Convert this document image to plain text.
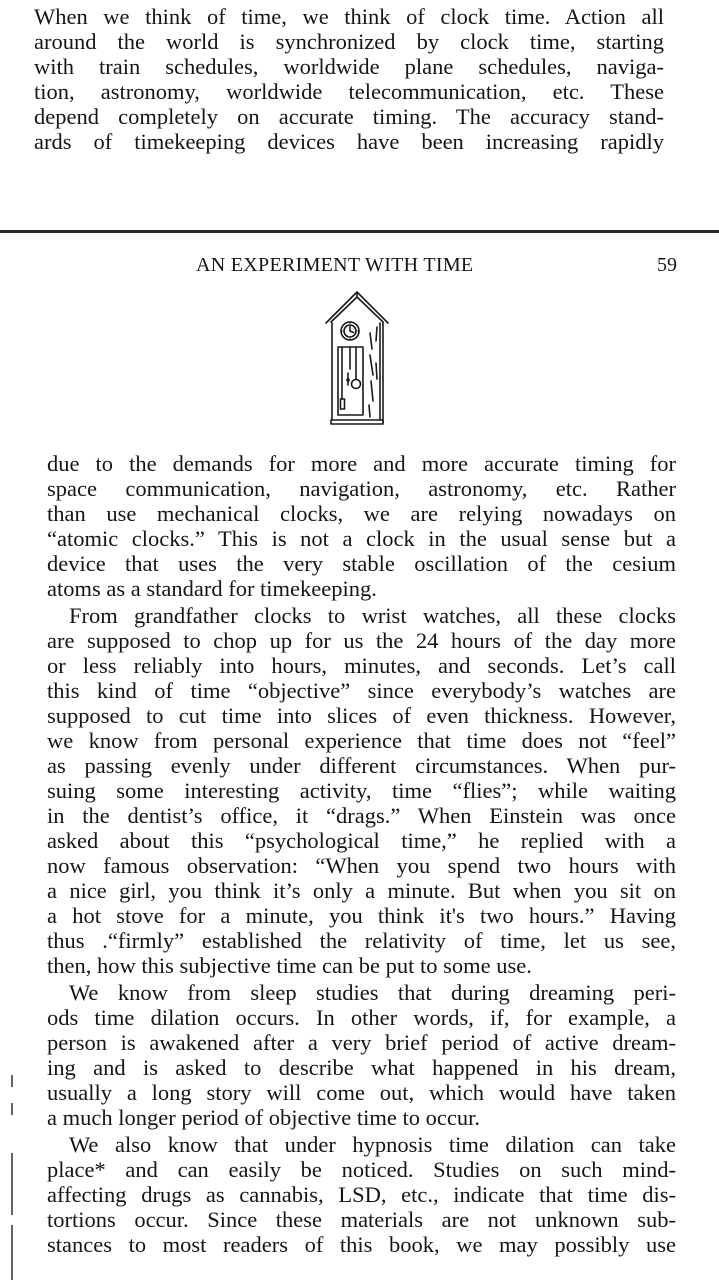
When we think of time, we think of clock time. Action all
around the world is synchronized by clock time, starting
with train schedules, worldwide plane schedules, naviga-
tion, astronomy, worldwide telecommunication, etc. These
depend completely on accurate timing. The accuracy stand-
ards of timekeeping devices have been increasing rapidly
AN EXPERIMENT WITH TIME	59
due to the demands for more and more accurate timing for
space communication, navigation, astronomy, etc. Rather
than use mechanical clocks, we are relying nowadays on
“atomic clocks.” This is not a clock in the usual sense but a
device that uses the very stable oscillation of the cesium
atoms as a standard for timekeeping.
From grandfather clocks to wrist watches, all these clocks
are supposed to chop up for us the 24 hours of the day more
or less reliably into hours, minutes, and seconds. Let’s call
this kind of time “objective” since everybody’s watches are
supposed to cut time into slices of even thickness. However,
we know from personal experience that time does not “feel”
as passing evenly under different circumstances. When pur-
suing some interesting activity, time “flies”; while waiting
in the dentist’s office, it “drags.” When Einstein was once
asked about this “psychological time,” he replied with a
now famous observation: “When you spend two hours with
a nice girl, you think it’s only a minute. But when you sit on
a hot stove for a minute, you think it's two hours.” Having
thus .“firmly” established the relativity of time, let us see,
then, how this subjective time can be put to some use.
We know from sleep studies that during dreaming peri-
ods time dilation occurs. In other words, if, for example, a
person is awakened after a very brief period of active dream-
ing and is asked to describe what happened in his dream,
usually a long story will come out, which would have taken
a much longer period of objective time to occur.
We also know that under hypnosis time dilation can take
place* and can easily be noticed. Studies on such mind-
affecting drugs as cannabis, LSD, etc., indicate that time dis-
tortions occur. Since these materials are not unknown sub-
stances to most readers of this book, we may possibly use
